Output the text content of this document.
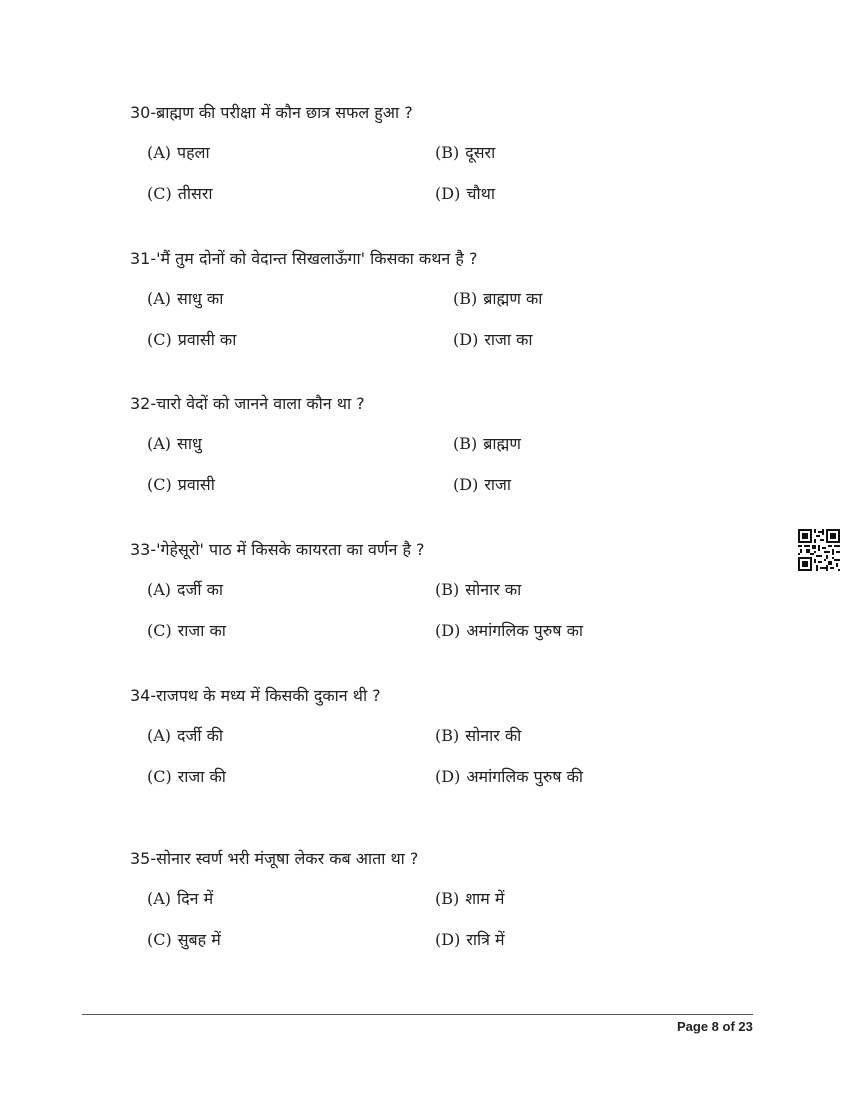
30-ब्राह्मण की परीक्षा में कौन छात्र सफल हुआ ?
(A) पहला	(B) दूसरा
(C) तीसरा	(D) चौथा
31-'मैं तुम दोनों को वेदान्त सिखलाऊँगा' किसका कथन है ?
(A) साधु का	(B) ब्राह्मण का
(C) प्रवासी का	(D) राजा का
32-चारो वेदों को जानने वाला कौन था ?
(A) साधु	(B) ब्राह्मण
(C) प्रवासी	(D) राजा
33-'गेहेसूरो' पाठ में किसके कायरता का वर्णन है ?
(A) दर्जी का	(B) सोनार का
(C) राजा का	(D) अमांगलिक पुरुष का
34-राजपथ के मध्य में किसकी दुकान थी ?
(A) दर्जी की	(B) सोनार की
(C) राजा की	(D) अमांगलिक पुरुष की
35-सोनार स्वर्ण भरी मंजूषा लेकर कब आता था ?
(A) दिन में	(B) शाम में
(C) सुबह में	(D) रात्रि में
Page 8 of 23
